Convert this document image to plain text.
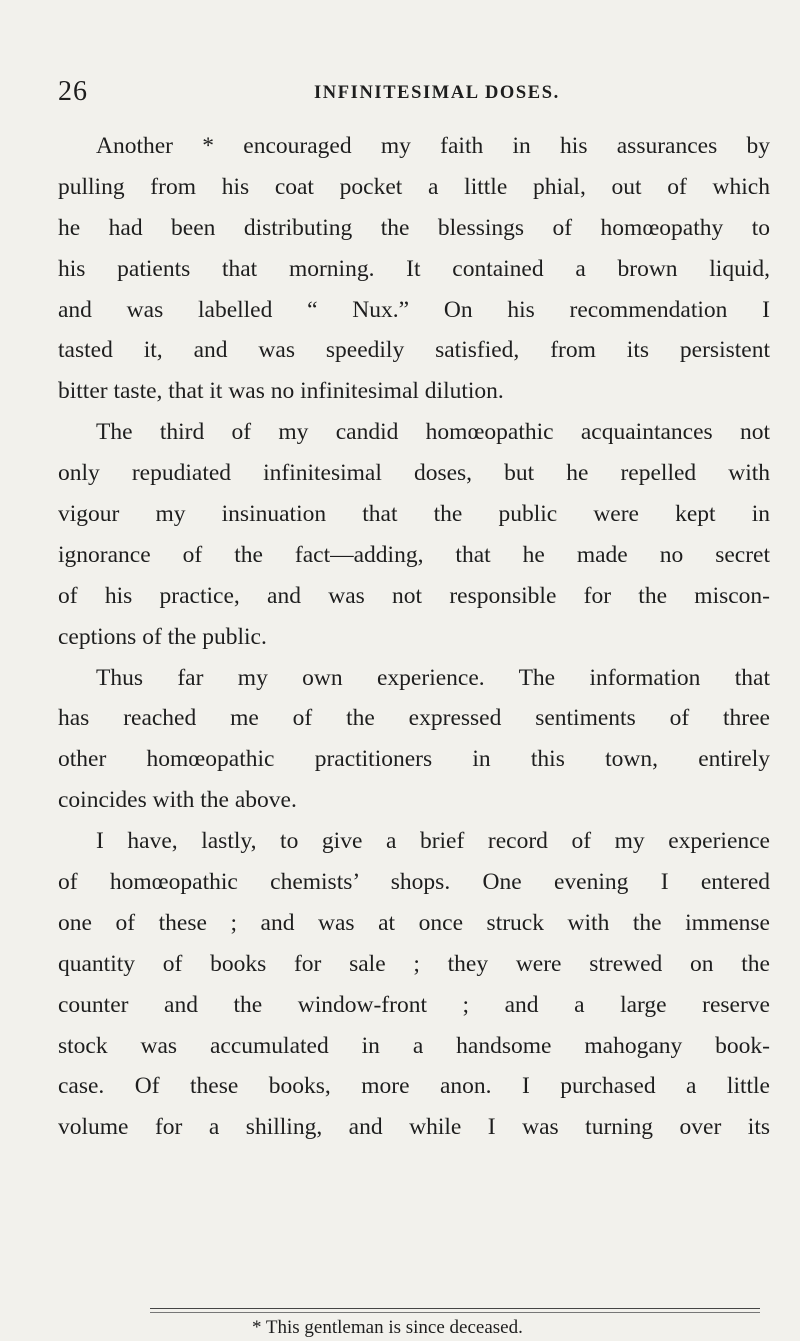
26	INFINITESIMAL DOSES.
Another * encouraged my faith in his assurances by
pulling from his coat pocket a little phial, out of which
he had been distributing the blessings of homœopathy to
his patients that morning. It contained a brown liquid,
and was labelled “ Nux.” On his recommendation I
tasted it, and was speedily satisfied, from its persistent
bitter taste, that it was no infinitesimal dilution.
The third of my candid homœopathic acquaintances not
only repudiated infinitesimal doses, but he repelled with
vigour my insinuation that the public were kept in
ignorance of the fact—adding, that he made no secret
of his practice, and was not responsible for the miscon-
ceptions of the public.
Thus far my own experience. The information that
has reached me of the expressed sentiments of three
other homœopathic practitioners in this town, entirely
coincides with the above.
I have, lastly, to give a brief record of my experience
of homœopathic chemists’ shops. One evening I entered
one of these ; and was at once struck with the immense
quantity of books for sale ; they were strewed on the
counter and the window-front ; and a large reserve
stock was accumulated in a handsome mahogany book-
case. Of these books, more anon. I purchased a little
volume for a shilling, and while I was turning over its
* This gentleman is since deceased.
